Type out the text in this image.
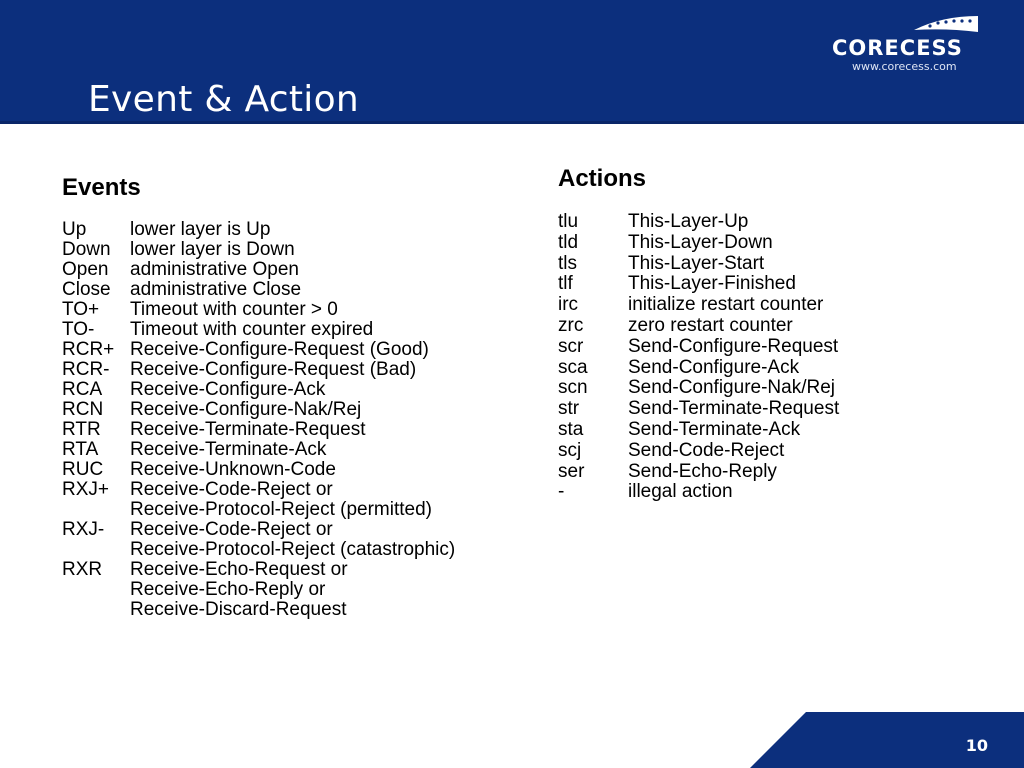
Event & Action
CORECESS
www.corecess.com
Events
Up	lower layer is Up
Down	lower layer is Down
Open	administrative Open
Close	administrative Close
TO+	Timeout with counter > 0
TO-	Timeout with counter expired
RCR+ Receive-Configure-Request (Good)
RCR-	Receive-Configure-Request (Bad)
RCA	Receive-Configure-Ack
RCN	Receive-Configure-Nak/Rej
RTR	Receive-Terminate-Request
RTA	Receive-Terminate-Ack
RUC	Receive-Unknown-Code
RXJ+	Receive-Code-Reject or
Receive-Protocol-Reject (permitted)
RXJ-	Receive-Code-Reject or
Receive-Protocol-Reject (catastrophic)
RXR	Receive-Echo-Request or
Receive-Echo-Reply or
Receive-Discard-Request
Actions
tlu	This-Layer-Up
tld	This-Layer-Down
tls	This-Layer-Start
tlf	This-Layer-Finished
irc	initialize restart counter
zrc	zero restart counter
scr	Send-Configure-Request
sca	Send-Configure-Ack
scn	Send-Configure-Nak/Rej
str	Send-Terminate-Request
sta	Send-Terminate-Ack
scj	Send-Code-Reject
ser	Send-Echo-Reply
-	illegal action
10
